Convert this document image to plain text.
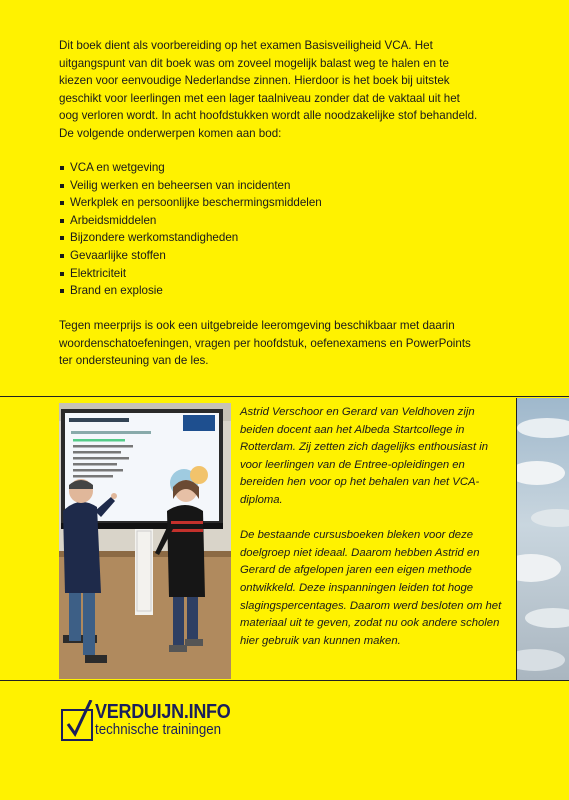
Dit boek dient als voorbereiding op het examen Basisveiligheid VCA. Het uitgangspunt van dit boek was om zoveel mogelijk balast weg te halen en te kiezen voor eenvoudige Nederlandse zinnen. Hierdoor is het boek bij uitstek geschikt voor leerlingen met een lager taalniveau zonder dat de vaktaal uit het oog verloren wordt. In acht hoofdstukken wordt alle noodzakelijke stof behandeld. De volgende onderwerpen komen aan bod:

VCA en wetgeving
Veilig werken en beheersen van incidenten
Werkplek en persoonlijke beschermingsmiddelen
Arbeidsmiddelen
Bijzondere werkomstandigheden
Gevaarlijke stoffen
Elektriciteit
Brand en explosie

Tegen meerprijs is ook een uitgebreide leeromgeving beschikbaar met daarin woordenschatoefeningen, vragen per hoofdstuk, oefenexamens en PowerPoints ter ondersteuning van de les.

Astrid Verschoor en Gerard van Veldhoven zijn beiden docent aan het Albeda Startcollege in Rotterdam. Zij zetten zich dagelijks enthousiast in voor leerlingen van de Entree-opleidingen en bereiden hen voor op het behalen van het VCA-diploma.

De bestaande cursusboeken bleken voor deze doelgroep niet ideaal. Daarom hebben Astrid en Gerard de afgelopen jaren een eigen methode ontwikkeld. Deze inspanningen leiden tot hoge slagingspercentages. Daarom werd besloten om het materiaal uit te geven, zodat nu ook andere scholen hier gebruik van kunnen maken.

VERDUIJN.INFO
technische trainingen
